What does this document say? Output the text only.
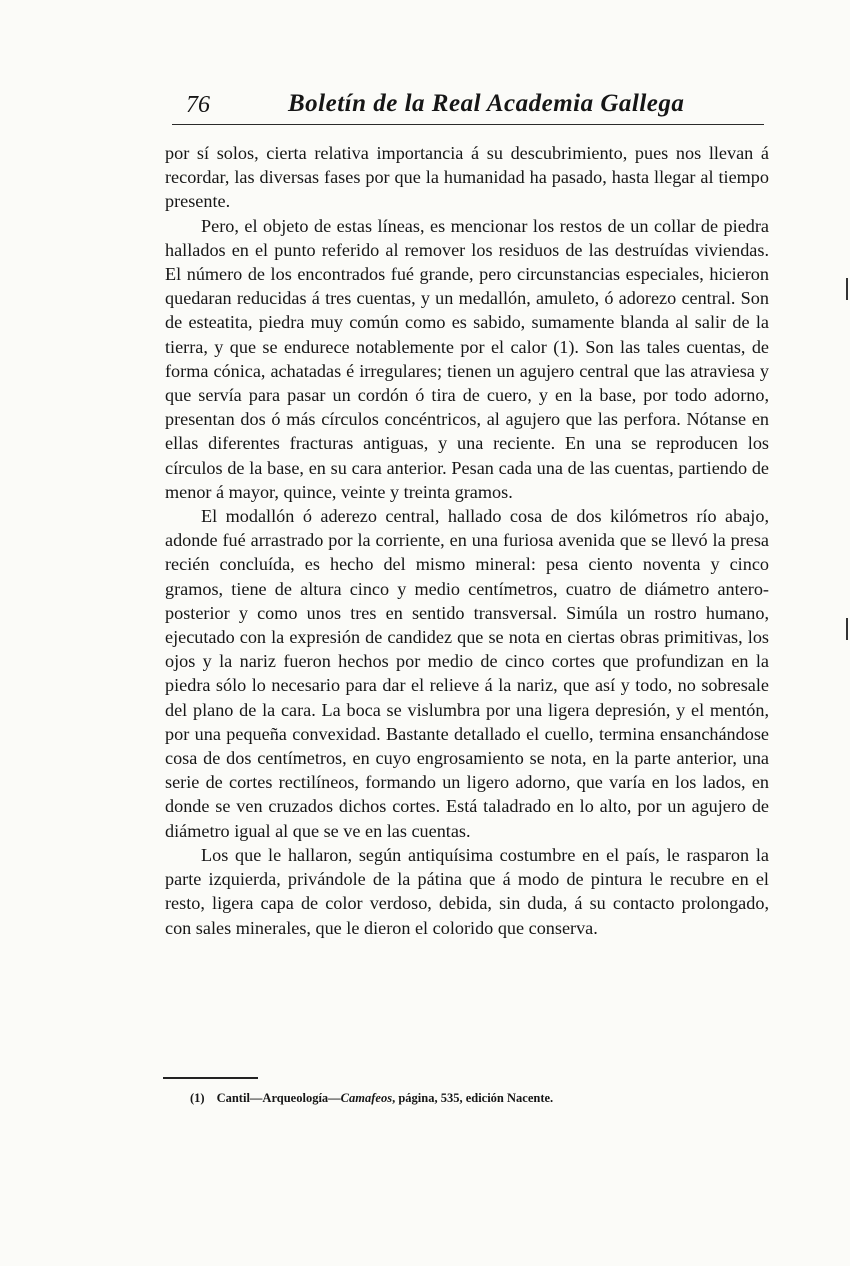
76	Boletín de la Real Academia Gallega

por sí solos, cierta relativa importancia á su descubrimiento, pues nos llevan á recordar, las diversas fases por que la humanidad ha pasado, hasta llegar al tiempo presente.

Pero, el objeto de estas líneas, es mencionar los restos de un collar de piedra hallados en el punto referido al remover los residuos de las destruídas viviendas. El número de los encontrados fué grande, pero circunstancias especiales, hicieron quedaran reducidas á tres cuentas, y un medallón, amuleto, ó adorezo central. Son de esteatita, piedra muy común como es sabido, sumamente blanda al salir de la tierra, y que se endurece notablemente por el calor (1). Son las tales cuentas, de forma cónica, achatadas é irregulares; tienen un agujero central que las atraviesa y que servía para pasar un cordón ó tira de cuero, y en la base, por todo adorno, presentan dos ó más círculos concéntricos, al agujero que las perfora. Nótanse en ellas diferentes fracturas antiguas, y una reciente. En una se reproducen los círculos de la base, en su cara anterior. Pesan cada una de las cuentas, partiendo de menor á mayor, quince, veinte y treinta gramos.

El modallón ó aderezo central, hallado cosa de dos kilómetros río abajo, adonde fué arrastrado por la corriente, en una furiosa avenida que se llevó la presa recién concluída, es hecho del mismo mineral: pesa ciento noventa y cinco gramos, tiene de altura cinco y medio centímetros, cuatro de diámetro antero-posterior y como unos tres en sentido transversal. Simúla un rostro humano, ejecutado con la expresión de candidez que se nota en ciertas obras primitivas, los ojos y la nariz fueron hechos por medio de cinco cortes que profundizan en la piedra sólo lo necesario para dar el relieve á la nariz, que así y todo, no sobresale del plano de la cara. La boca se vislumbra por una ligera depresión, y el mentón, por una pequeña convexidad. Bastante detallado el cuello, termina ensanchándose cosa de dos centímetros, en cuyo engrosamiento se nota, en la parte anterior, una serie de cortes rectilíneos, formando un ligero adorno, que varía en los lados, en donde se ven cruzados dichos cortes. Está taladrado en lo alto, por un agujero de diámetro igual al que se ve en las cuentas.

Los que le hallaron, según antiquísima costumbre en el país, le rasparon la parte izquierda, privándole de la pátina que á modo de pintura le recubre en el resto, ligera capa de color verdoso, debida, sin duda, á su contacto prolongado, con sales minerales, que le dieron el colorido que conserva.

(1) Cantil—Arqueología—Camafeos, página, 535, edición Nacente.
